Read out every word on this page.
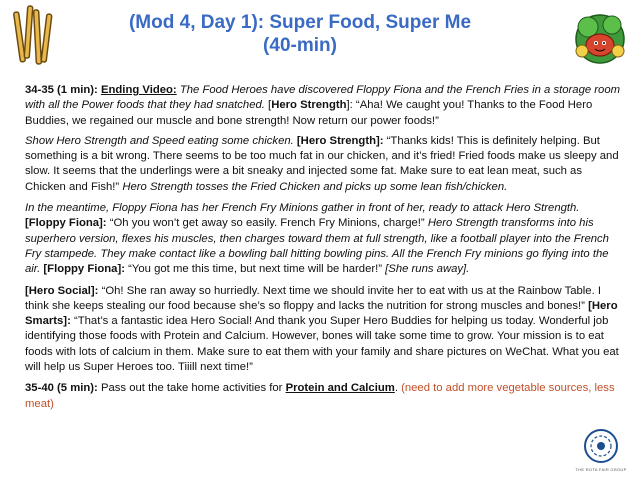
(Mod 4, Day 1): Super Food, Super Me
(40-min)

34-35 (1 min): Ending Video: The Food Heroes have discovered Floppy Fiona and the French Fries in a storage room with all the Power foods that they had snatched. [Hero Strength]: “Aha! We caught you! Thanks to the Food Hero Buddies, we regained our muscle and bone strength! Now return our power foods!”

Show Hero Strength and Speed eating some chicken. [Hero Strength]: “Thanks kids! This is definitely helping. But something is a bit wrong. There seems to be too much fat in our chicken, and it’s fried! Fried foods make us sleepy and slow. It seems that the underlings were a bit sneaky and injected some fat. Make sure to eat lean meat, such as Chicken and Fish!” Hero Strength tosses the Fried Chicken and picks up some lean fish/chicken.

In the meantime, Floppy Fiona has her French Fry Minions gather in front of her, ready to attack Hero Strength. [Floppy Fiona]: “Oh you won’t get away so easily. French Fry Minions, charge!” Hero Strength transforms into his superhero version, flexes his muscles, then charges toward them at full strength, like a football player into the French Fry stampede. They make contact like a bowling ball hitting bowling pins. All the French Fry minions go flying into the air. [Floppy Fiona]: “You got me this time, but next time will be harder!” [She runs away].

[Hero Social]: “Oh! She ran away so hurriedly. Next time we should invite her to eat with us at the Rainbow Table. I think she keeps stealing our food because she’s so floppy and lacks the nutrition for strong muscles and bones!” [Hero Smarts]: “That’s a fantastic idea Hero Social! And thank you Super Hero Buddies for helping us today. Wonderful job identifying those foods with Protein and Calcium. However, bones will take some time to grow. Your mission is to eat foods with lots of calcium in them. Make sure to eat them with your family and share pictures on WeChat. What you eat will help us Super Heroes too. Tiiill next time!”

35-40 (5 min): Pass out the take home activities for Protein and Calcium. (need to add more vegetable sources, less meat)

THE ROTA FAIR GROUP
